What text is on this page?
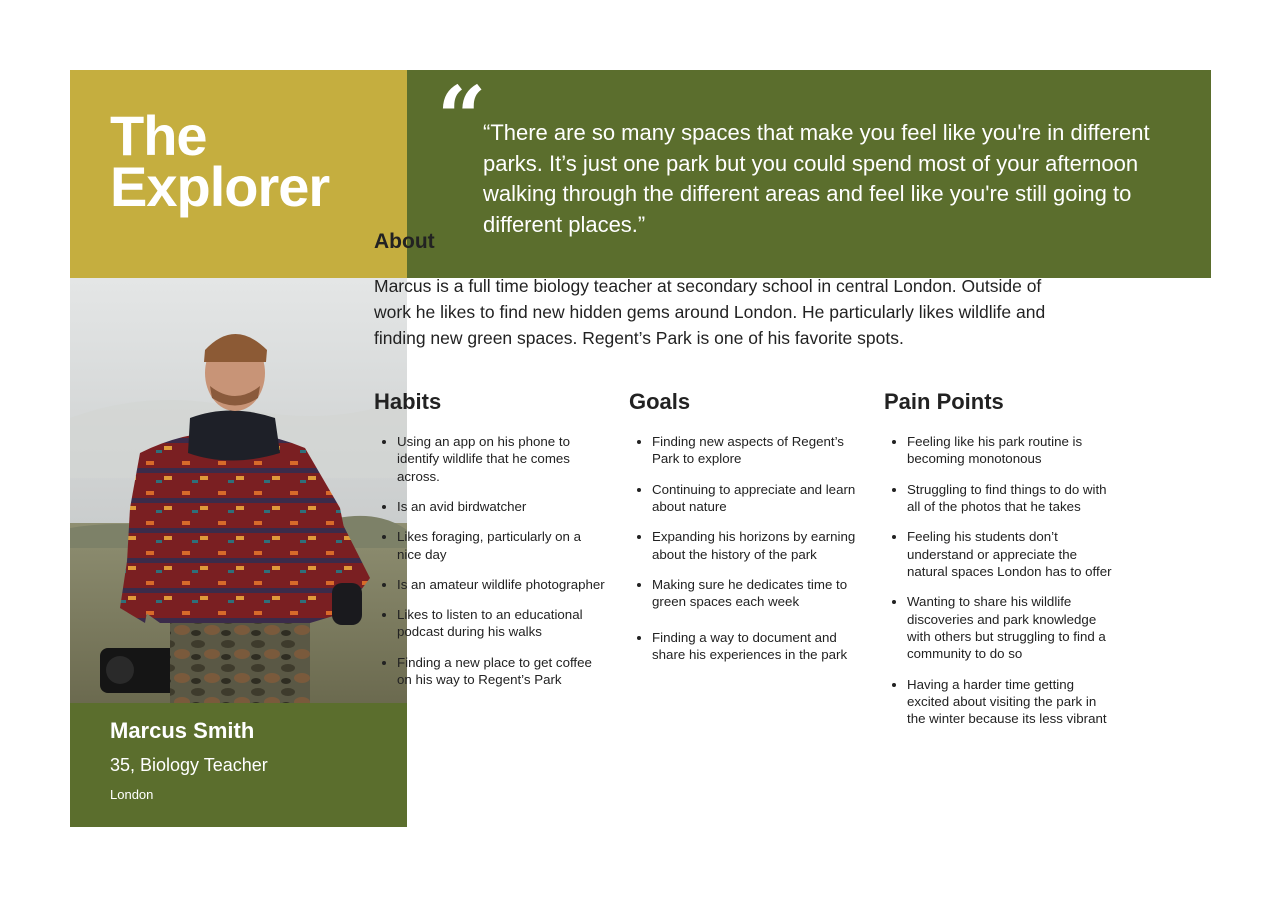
The
Explorer
“
“There are so many spaces that make you feel like you're in different parks. It’s just one park but you could spend most of your afternoon walking through the different areas and feel like you're still going to different places.”
Marcus Smith
35, Biology Teacher
London
About
Marcus is a full time biology teacher at secondary school in central London. Outside of work he likes to find new hidden gems around London. He particularly likes wildlife and finding new green spaces. Regent’s Park is one of his favorite spots.
Habits
• Using an app on his phone to identify wildlife that he comes across.
• Is an avid birdwatcher
• Likes foraging, particularly on a nice day
• Is an amateur wildlife photographer
• Likes to listen to an educational podcast during his walks
• Finding a new place to get coffee on his way to Regent’s Park
Goals
• Finding new aspects of Regent’s Park to explore
• Continuing to appreciate and learn about nature
• Expanding his horizons by earning about the history of the park
• Making sure he dedicates time to green spaces each week
• Finding a way to document and share his experiences in the park
Pain Points
• Feeling like his park routine is becoming monotonous
• Struggling to find things to do with all of the photos that he takes
• Feeling his students don’t understand or appreciate the natural spaces London has to offer
• Wanting to share his wildlife discoveries and park knowledge with others but struggling to find a community to do so
• Having a harder time getting excited about visiting the park in the winter because its less vibrant
